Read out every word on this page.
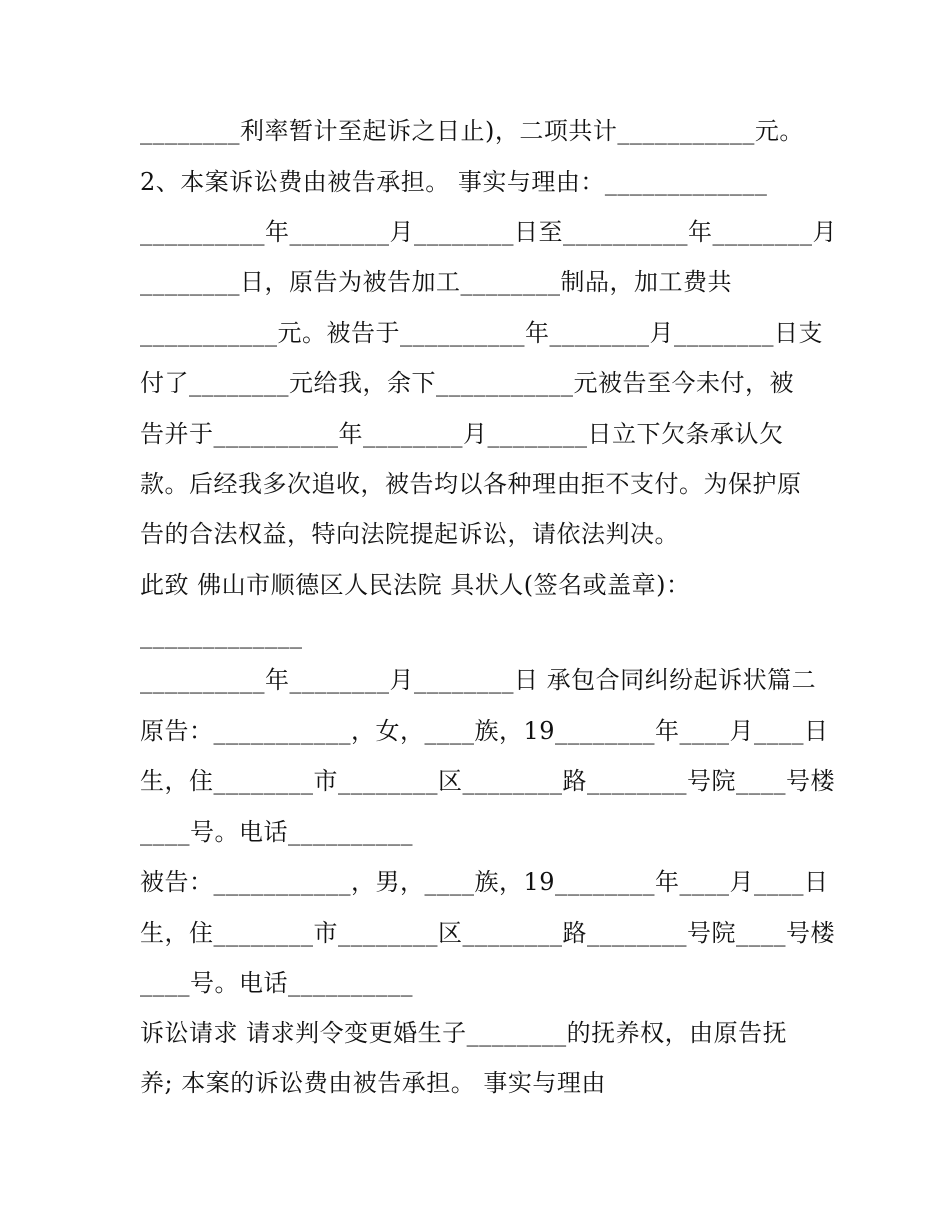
________利率暂计至起诉之日止)，二项共计___________元。
2、本案诉讼费由被告承担。 事实与理由：_____________
__________年________月________日至__________年________月
________日，原告为被告加工________制品，加工费共
___________元。被告于__________年________月________日支
付了________元给我，余下___________元被告至今未付，被
告并于__________年________月________日立下欠条承认欠
款。后经我多次追收，被告均以各种理由拒不支付。为保护原
告的合法权益，特向法院提起诉讼，请依法判决。
此致 佛山市顺德区人民法院 具状人(签名或盖章)：
_____________
__________年________月________日 承包合同纠纷起诉状篇二
原告：___________，女，____族，19________年____月____日
生，住________市________区________路________号院____号楼
____号。电话__________
被告：___________，男，____族，19________年____月____日
生，住________市________区________路________号院____号楼
____号。电话__________
诉讼请求 请求判令变更婚生子________的抚养权，由原告抚
养; 本案的诉讼费由被告承担。 事实与理由
